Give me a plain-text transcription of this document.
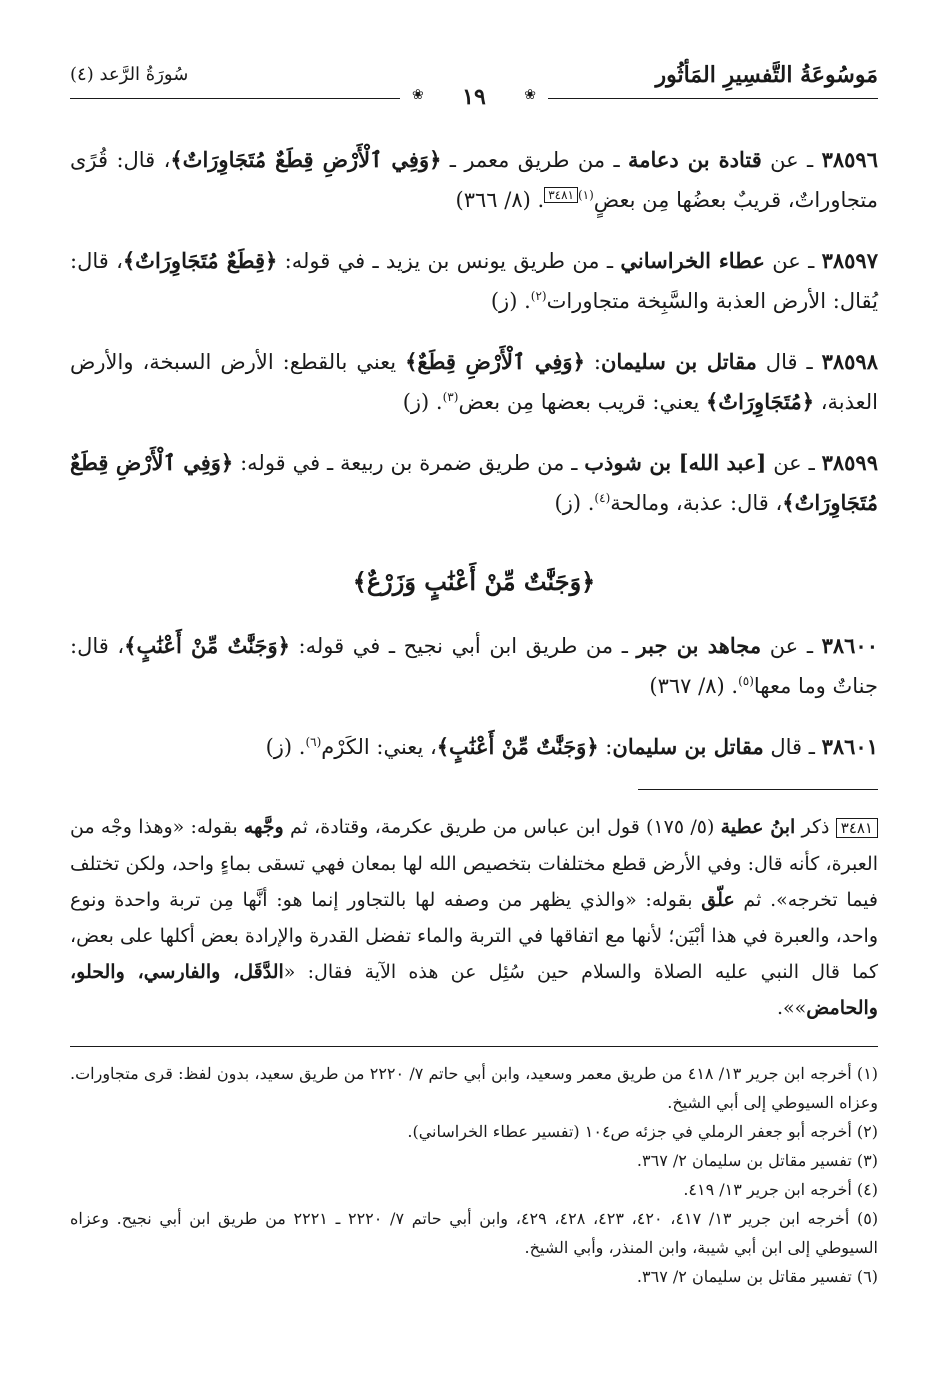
مَوسُوعَةُ التَّفسِيرِ المَأثُور
سُورَةُ الرَّعد (٤)
❀
١٩
❀

٣٨٥٩٦ ـ عن قتادة بن دعامة ـ من طريق معمر ـ ﴿وَفِي ٱلْأَرْضِ قِطَعٌ مُتَجَاوِرَاتٌ﴾، قال: قُرًى متجاوراتٌ، قريبٌ بعضُها مِن بعضٍ$^{(١)٣٤٨١}$. (٨/ ٣٦٦)

٣٨٥٩٧ ـ عن عطاء الخراساني ـ من طريق يونس بن يزيد ـ في قوله: ﴿قِطَعٌ مُتَجَاوِرَاتٌ﴾، قال: يُقال: الأرض العذبة والسَّبِخة متجاورات$^{(٢)}$. (ز)

٣٨٥٩٨ ـ قال مقاتل بن سليمان: ﴿وَفِي ٱلْأَرْضِ قِطَعٌ﴾ يعني بالقطع: الأرض السبخة، والأرض العذبة، ﴿مُتَجَاوِرَاتٌ﴾ يعني: قريب بعضها مِن بعض$^{(٣)}$. (ز)

٣٨٥٩٩ ـ عن [عبد الله] بن شوذب ـ من طريق ضمرة بن ربيعة ـ في قوله: ﴿وَفِي ٱلْأَرْضِ قِطَعٌ مُتَجَاوِرَاتٌ﴾، قال: عذبة، ومالحة$^{(٤)}$. (ز)

﴿وَجَنَّٰتٌ مِّنْ أَعْنَٰبٍ وَزَرْعٌ﴾

٣٨٦٠٠ ـ عن مجاهد بن جبر ـ من طريق ابن أبي نجيح ـ في قوله: ﴿وَجَنَّٰتٌ مِّنْ أَعْنَٰبٍ﴾، قال: جناتٌ وما معها$^{(٥)}$. (٨/ ٣٦٧)

٣٨٦٠١ ـ قال مقاتل بن سليمان: ﴿وَجَنَّٰتٌ مِّنْ أَعْنَٰبٍ﴾، يعني: الكَرْم$^{(٦)}$. (ز)

٣٤٨١ ذكر ابنُ عطية (٥/ ١٧٥) قول ابن عباس من طريق عكرمة، وقتادة، ثم وجَّهه بقوله: «وهذا وجْه من العبرة، كأنه قال: وفي الأرض قطع مختلفات بتخصيص الله لها بمعان فهي تسقى بماءٍ واحد، ولكن تختلف فيما تخرجه». ثم علّق بقوله: «والذي يظهر من وصفه لها بالتجاور إنما هو: أنَّها مِن تربة واحدة ونوع واحد، والعبرة في هذا أبْيَن؛ لأنها مع اتفاقها في التربة والماء تفضل القدرة والإرادة بعض أكلها على بعض، كما قال النبي عليه الصلاة والسلام حين سُئِل عن هذه الآية فقال: «الدَّقَل، والفارسي، والحلو، والحامض»».

(١) أخرجه ابن جرير ١٣/ ٤١٨ من طريق معمر وسعيد، وابن أبي حاتم ٧/ ٢٢٢٠ من طريق سعيد، بدون لفظ: قرى متجاورات. وعزاه السيوطي إلى أبي الشيخ.
(٢) أخرجه أبو جعفر الرملي في جزئه ص١٠٤ (تفسير عطاء الخراساني).
(٣) تفسير مقاتل بن سليمان ٢/ ٣٦٧.
(٤) أخرجه ابن جرير ١٣/ ٤١٩.
(٥) أخرجه ابن جرير ١٣/ ٤١٧، ٤٢٠، ٤٢٣، ٤٢٨، ٤٢٩، وابن أبي حاتم ٧/ ٢٢٢٠ ـ ٢٢٢١ من طريق ابن أبي نجيح. وعزاه السيوطي إلى ابن أبي شيبة، وابن المنذر، وأبي الشيخ.
(٦) تفسير مقاتل بن سليمان ٢/ ٣٦٧.
